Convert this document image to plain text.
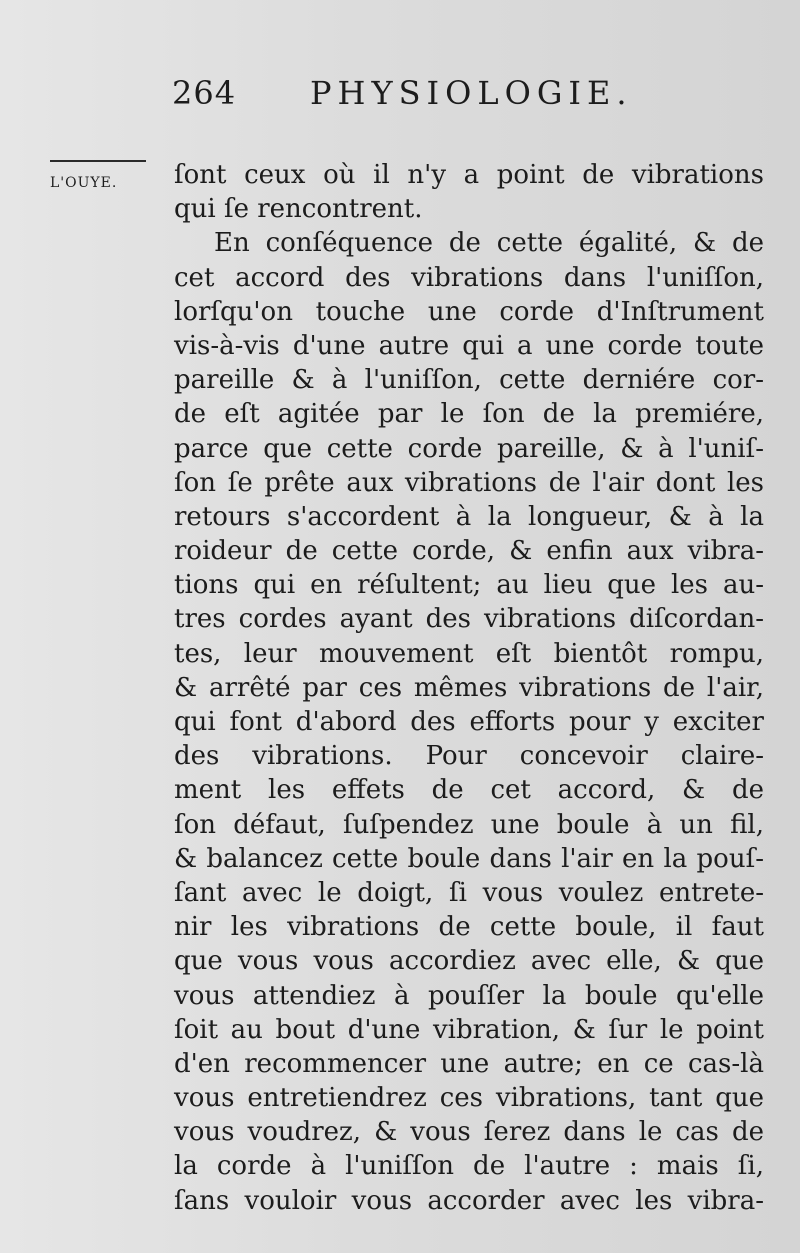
264 PHYSIOLOGIE.
L'OUYE. ſont ceux où il n'y a point de vibrations
qui ſe rencontrent.
En conſéquence de cette égalité, & de
cet accord des vibrations dans l'uniſſon,
lorſqu'on touche une corde d'Inſtrument
vis-à-vis d'une autre qui a une corde toute
pareille & à l'uniſſon, cette derniére cor-
de eſt agitée par le ſon de la premiére,
parce que cette corde pareille, & à l'uniſ-
ſon ſe prête aux vibrations de l'air dont les
retours s'accordent à la longueur, & à la
roideur de cette corde, & enfin aux vibra-
tions qui en réſultent; au lieu que les au-
tres cordes ayant des vibrations diſcordan-
tes, leur mouvement eſt bientôt rompu,
& arrêté par ces mêmes vibrations de l'air,
qui font d'abord des efforts pour y exciter
des vibrations. Pour concevoir claire-
ment les effets de cet accord, & de
ſon défaut, ſuſpendez une boule à un fil,
& balancez cette boule dans l'air en la pouſ-
ſant avec le doigt, ſi vous voulez entrete-
nir les vibrations de cette boule, il faut
que vous vous accordiez avec elle, & que
vous attendiez à pouſſer la boule qu'elle
ſoit au bout d'une vibration, & ſur le point
d'en recommencer une autre; en ce cas-là
vous entretiendrez ces vibrations, tant que
vous voudrez, & vous ſerez dans le cas de
la corde à l'uniſſon de l'autre : mais ſi,
ſans vouloir vous accorder avec les vibra-
